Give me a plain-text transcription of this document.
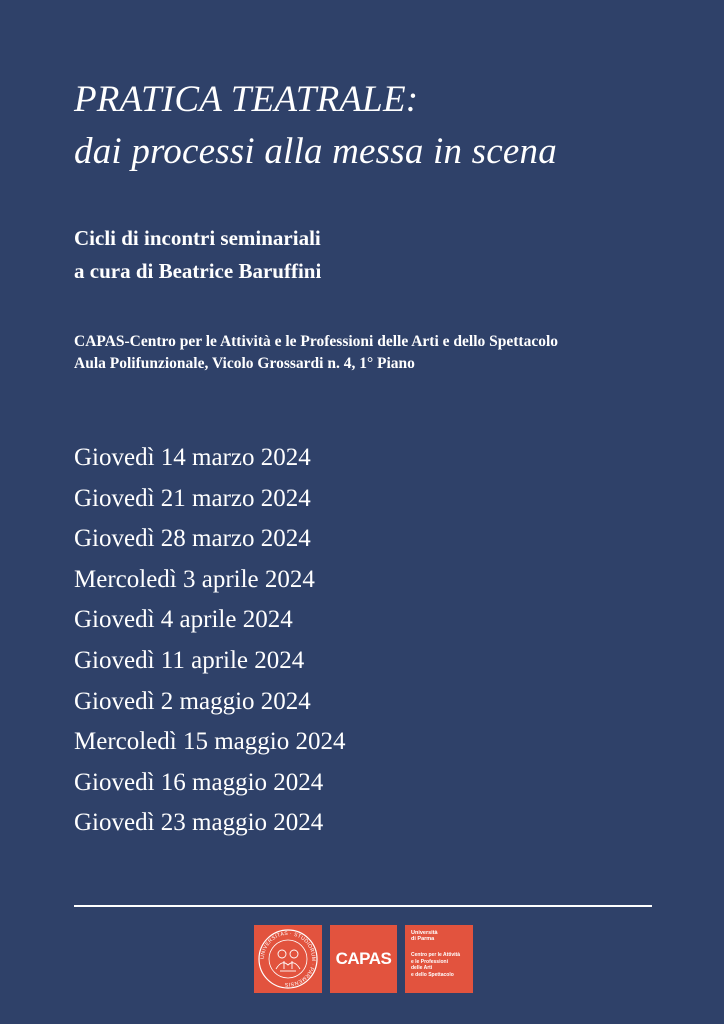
PRATICA TEATRALE:
dai processi alla messa in scena
Cicli di incontri seminariali
a cura di Beatrice Baruffini
CAPAS-Centro per le Attività e le Professioni delle Arti e dello Spettacolo
Aula Polifunzionale, Vicolo Grossardi n. 4, 1° Piano
Giovedì 14 marzo 2024
Giovedì 21 marzo 2024
Giovedì 28 marzo 2024
Mercoledì 3 aprile 2024
Giovedì 4 aprile 2024
Giovedì 11 aprile 2024
Giovedì 2 maggio 2024
Mercoledì 15 maggio 2024
Giovedì 16 maggio 2024
Giovedì 23 maggio 2024
UNIVERSITAS · STUDIORUM · PARMENSIS
CAPAS
Università
di Parma
Centro per le Attività
e le Professioni
delle Arti
e dello Spettacolo
